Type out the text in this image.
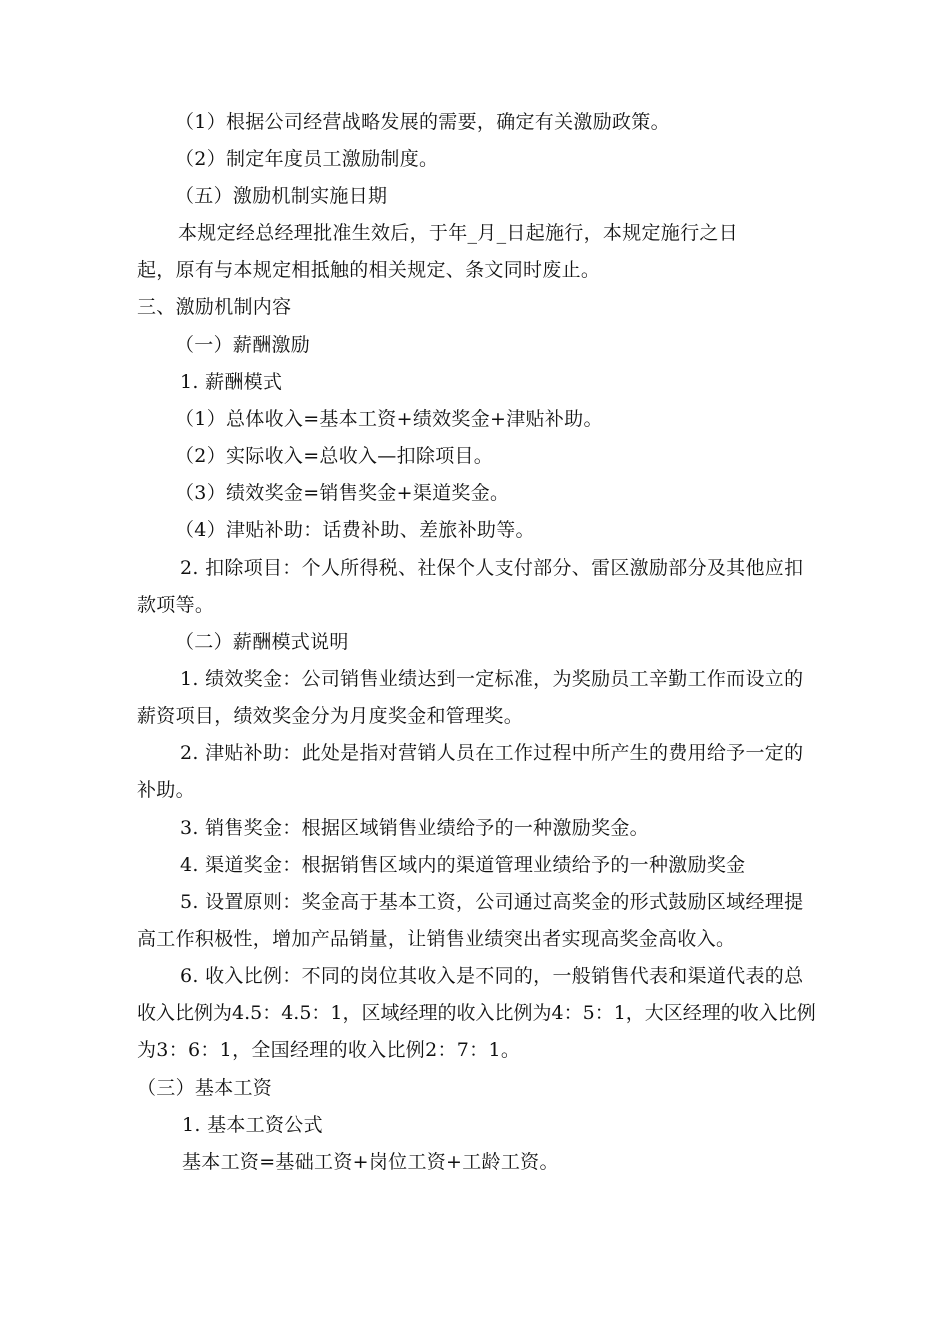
（1）根据公司经营战略发展的需要，确定有关激励政策。
（2）制定年度员工激励制度。
（五）激励机制实施日期
本规定经总经理批准生效后，于年_月_日起施行，本规定施行之日
起，原有与本规定相抵触的相关规定、条文同时废止。
三、激励机制内容
（一）薪酬激励
1. 薪酬模式
（1）总体收入=基本工资+绩效奖金+津贴补助。
（2）实际收入=总收入—扣除项目。
（3）绩效奖金=销售奖金+渠道奖金。
（4）津贴补助：话费补助、差旅补助等。
2. 扣除项目：个人所得税、社保个人支付部分、雷区激励部分及其他应扣
款项等。
（二）薪酬模式说明
1. 绩效奖金：公司销售业绩达到一定标准，为奖励员工辛勤工作而设立的
薪资项目，绩效奖金分为月度奖金和管理奖。
2. 津贴补助：此处是指对营销人员在工作过程中所产生的费用给予一定的
补助。
3. 销售奖金：根据区域销售业绩给予的一种激励奖金。
4. 渠道奖金：根据销售区域内的渠道管理业绩给予的一种激励奖金
5. 设置原则：奖金高于基本工资，公司通过高奖金的形式鼓励区域经理提
高工作积极性，增加产品销量，让销售业绩突出者实现高奖金高收入。
6. 收入比例：不同的岗位其收入是不同的，一般销售代表和渠道代表的总
收入比例为4.5：4.5：1，区域经理的收入比例为4：5：1，大区经理的收入比例
为3：6：1，全国经理的收入比例2：7：1。
（三）基本工资
1. 基本工资公式
基本工资=基础工资+岗位工资+工龄工资。
